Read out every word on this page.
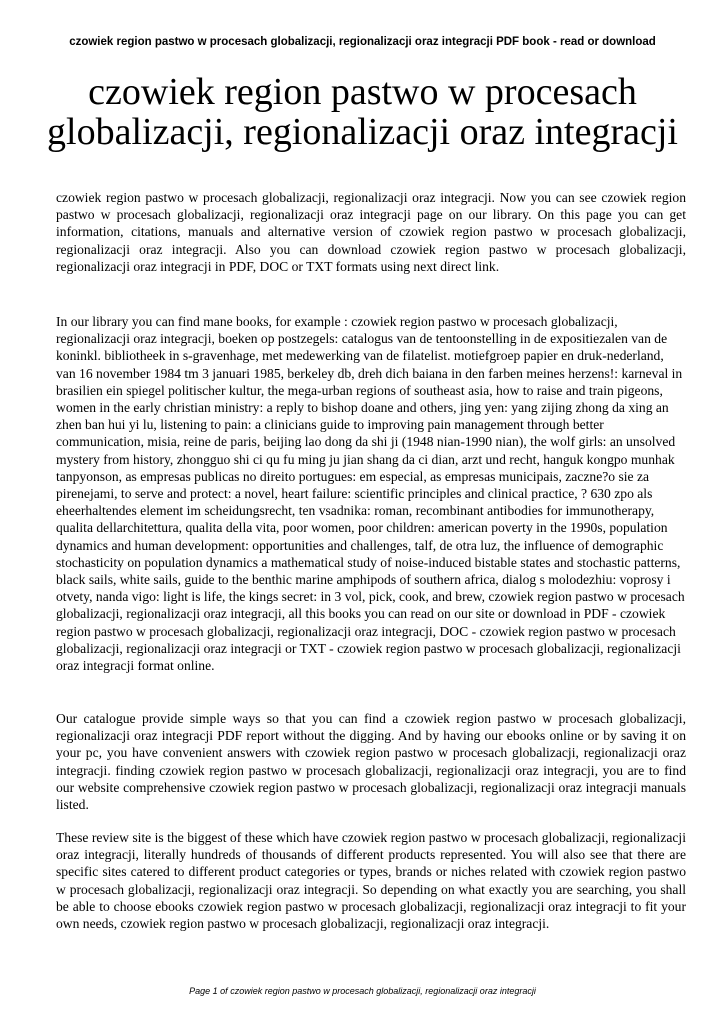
czowiek region pastwo w procesach globalizacji, regionalizacji oraz integracji PDF book - read or download
czowiek region pastwo w procesach
globalizacji, regionalizacji oraz integracji

czowiek region pastwo w procesach globalizacji, regionalizacji oraz integracji. Now you can see czowiek region pastwo w procesach globalizacji, regionalizacji oraz integracji page on our library. On this page you can get information, citations, manuals and alternative version of czowiek region pastwo w procesach globalizacji, regionalizacji oraz integracji. Also you can download czowiek region pastwo w procesach globalizacji, regionalizacji oraz integracji in PDF, DOC or TXT formats using next direct link.

In our library you can find mane books, for example : czowiek region pastwo w procesach globalizacji, regionalizacji oraz integracji, boeken op postzegels: catalogus van de tentoonstelling in de expositiezalen van de koninkl. bibliotheek in s-gravenhage, met medewerking van de filatelist. motiefgroep papier en druk-nederland, van 16 november 1984 tm 3 januari 1985, berkeley db, dreh dich baiana in den farben meines herzens!: karneval in brasilien ein spiegel politischer kultur, the mega-urban regions of southeast asia, how to raise and train pigeons, women in the early christian ministry: a reply to bishop doane and others, jing yen: yang zijing zhong da xing an zhen ban hui yi lu, listening to pain: a clinicians guide to improving pain management through better communication, misia, reine de paris, beijing lao dong da shi ji (1948 nian-1990 nian), the wolf girls: an unsolved mystery from history, zhongguo shi ci qu fu ming ju jian shang da ci dian, arzt und recht, hanguk kongpo munhak tanpyonson, as empresas publicas no direito portugues: em especial, as empresas municipais, zaczne?o sie za pirenejami, to serve and protect: a novel, heart failure: scientific principles and clinical practice, ? 630 zpo als eheerhaltendes element im scheidungsrecht, ten vsadnika: roman, recombinant antibodies for immunotherapy, qualita dellarchitettura, qualita della vita, poor women, poor children: american poverty in the 1990s, population dynamics and human development: opportunities and challenges, talf, de otra luz, the influence of demographic stochasticity on population dynamics a mathematical study of noise-induced bistable states and stochastic patterns, black sails, white sails, guide to the benthic marine amphipods of southern africa, dialog s molodezhiu: voprosy i otvety, nanda vigo: light is life, the kings secret: in 3 vol, pick, cook, and brew, czowiek region pastwo w procesach globalizacji, regionalizacji oraz integracji, all this books you can read on our site or download in PDF - czowiek region pastwo w procesach globalizacji, regionalizacji oraz integracji, DOC - czowiek region pastwo w procesach globalizacji, regionalizacji oraz integracji or TXT - czowiek region pastwo w procesach globalizacji, regionalizacji oraz integracji format online.

Our catalogue provide simple ways so that you can find a czowiek region pastwo w procesach globalizacji, regionalizacji oraz integracji PDF report without the digging. And by having our ebooks online or by saving it on your pc, you have convenient answers with czowiek region pastwo w procesach globalizacji, regionalizacji oraz integracji. finding czowiek region pastwo w procesach globalizacji, regionalizacji oraz integracji, you are to find our website comprehensive czowiek region pastwo w procesach globalizacji, regionalizacji oraz integracji manuals listed.

These review site is the biggest of these which have czowiek region pastwo w procesach globalizacji, regionalizacji oraz integracji, literally hundreds of thousands of different products represented. You will also see that there are specific sites catered to different product categories or types, brands or niches related with czowiek region pastwo w procesach globalizacji, regionalizacji oraz integracji. So depending on what exactly you are searching, you shall be able to choose ebooks czowiek region pastwo w procesach globalizacji, regionalizacji oraz integracji to fit your own needs, czowiek region pastwo w procesach globalizacji, regionalizacji oraz integracji.

Page 1 of czowiek region pastwo w procesach globalizacji, regionalizacji oraz integracji
